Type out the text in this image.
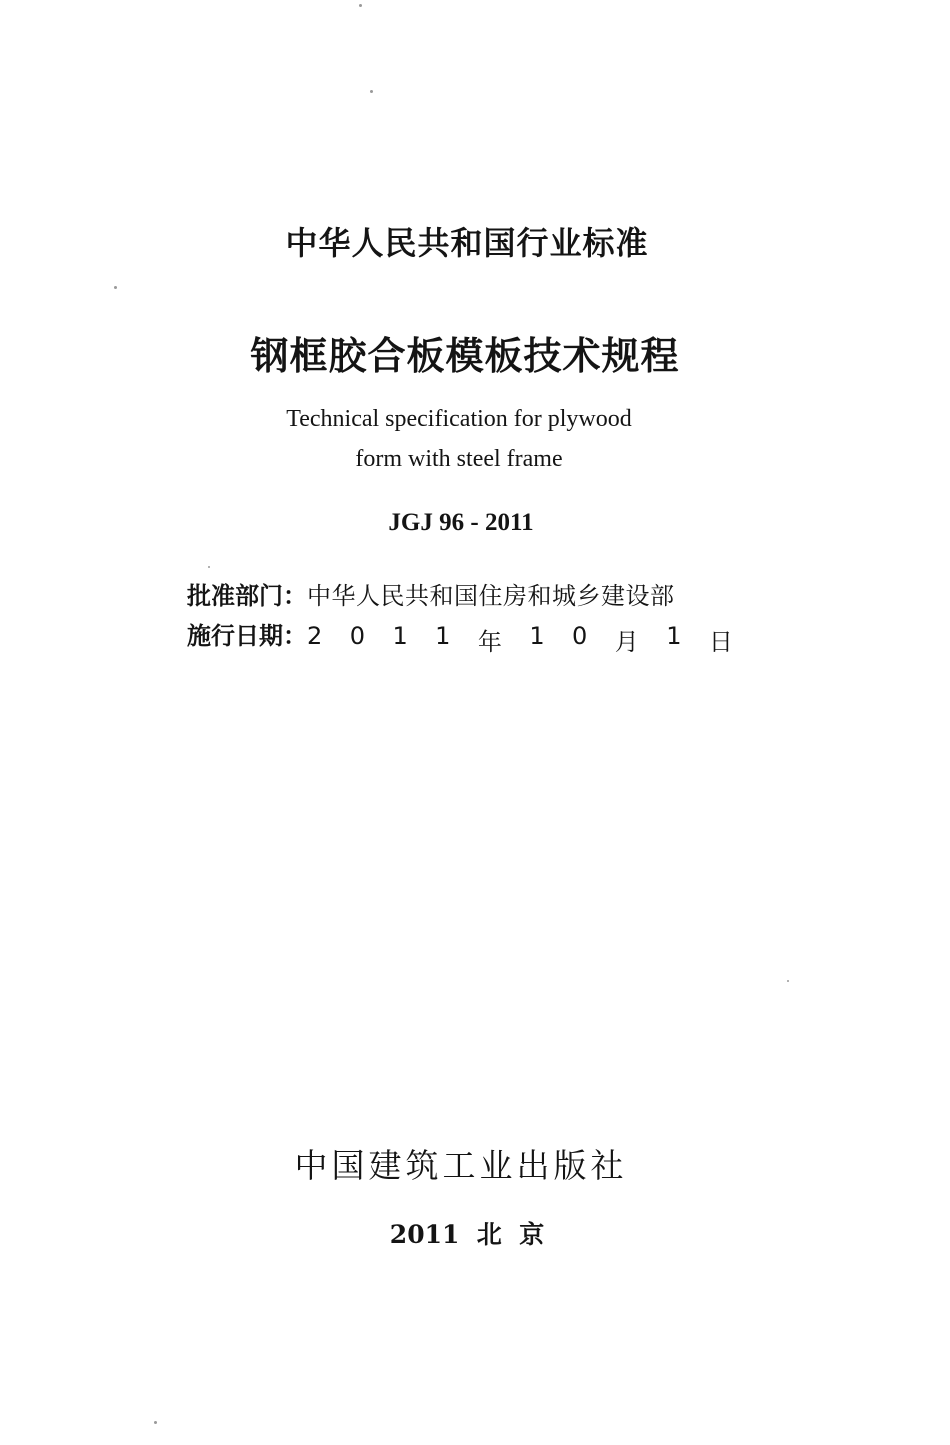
中华人民共和国行业标准
钢框胶合板模板技术规程
Technical specification for plywood
form with steel frame
JGJ 96 - 2011
批准部门： 中华人民共和国住房和城乡建设部
施行日期： 2 0 1 1 年 1 0 月 1 日
中国建筑工业出版社
2011  北  京
